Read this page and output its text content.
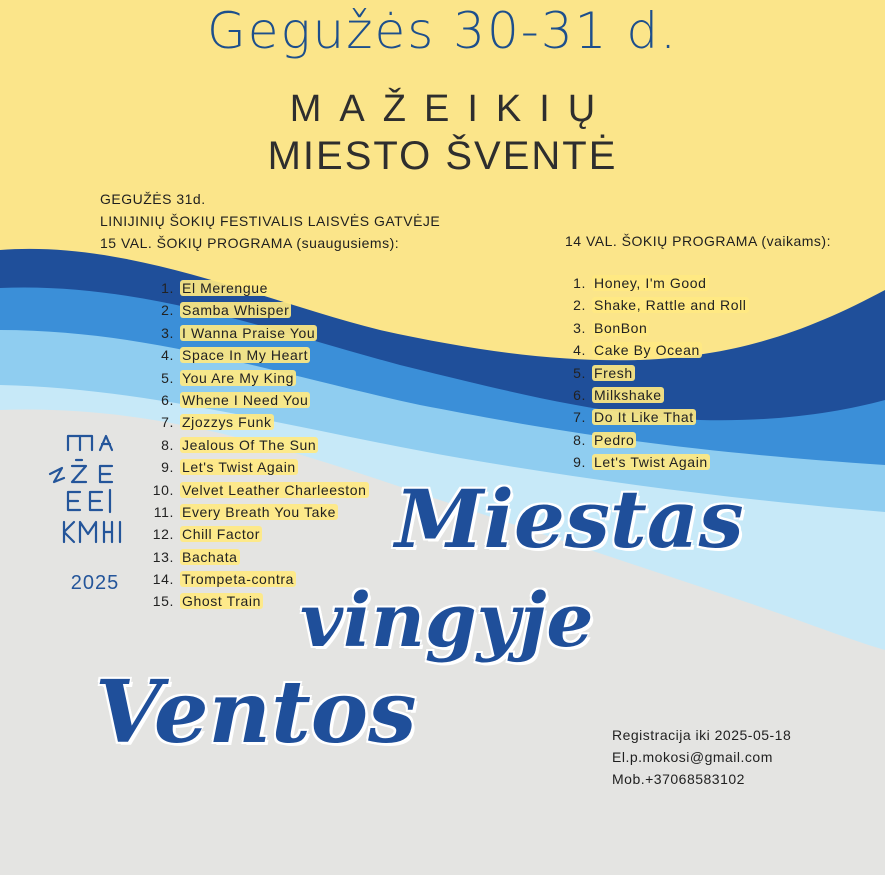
Gegužės 30-31 d.
MAŽEIKIŲ
MIESTO ŠVENTĖ
GEGUŽĖS 31d.
LINIJINIŲ ŠOKIŲ FESTIVALIS LAISVĖS GATVĖJE
15 VAL. ŠOKIŲ PROGRAMA (suaugusiems):	14 VAL. ŠOKIŲ PROGRAMA (vaikams):
1. El Merengue
2. Samba Whisper
3. I Wanna Praise You
4. Space In My Heart
5. You Are My King
6. Whene I Need You
7. Zjozzys Funk
8. Jealous Of The Sun
9. Let's Twist Again
10. Velvet Leather Charleeston
11. Every Breath You Take
12. Chill Factor
13. Bachata
14. Trompeta-contra
15. Ghost Train
1. Honey, I'm Good
2. Shake, Rattle and Roll
3. BonBon
4. Cake By Ocean
5. Fresh
6. Milkshake
7. Do It Like That
8. Pedro
9. Let's Twist Again
2025
Miestas
vingyje
Ventos	Registracija iki 2025-05-18
El.p.mokosi@gmail.com
Mob.+37068583102
